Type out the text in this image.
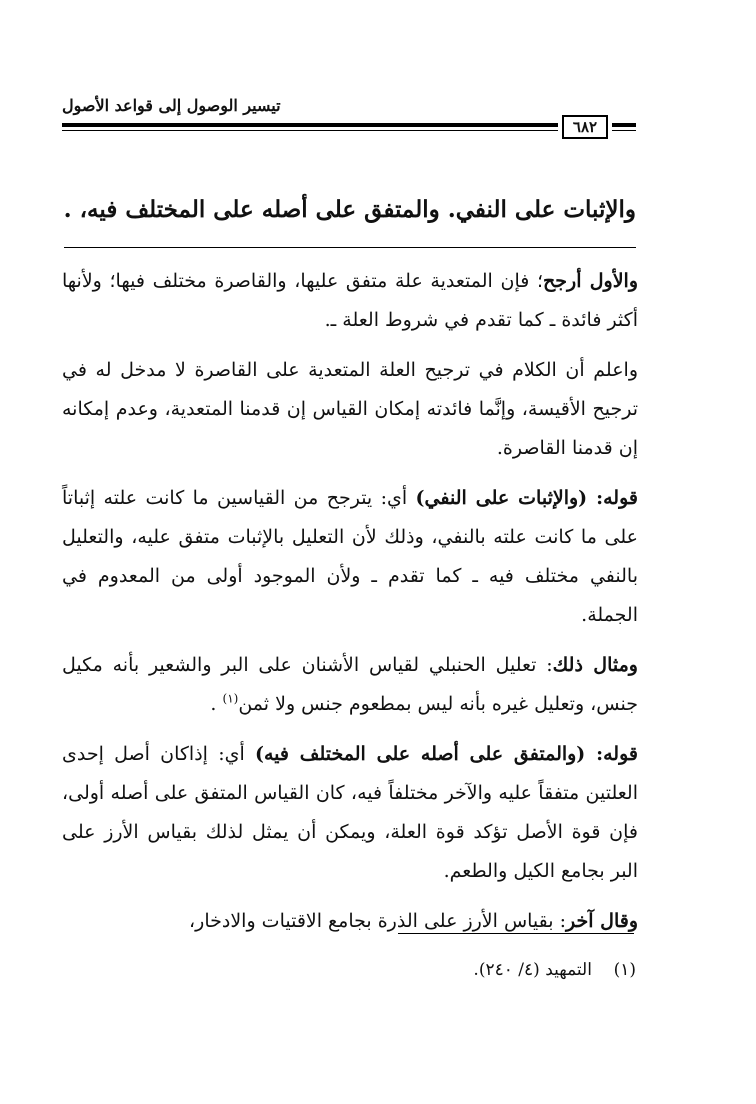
تيسير الوصول إلى قواعد الأصول
٦٨٢
والإثبات على النفي. والمتفق على أصله على المختلف فيه، .

والأول أرجح؛ فإن المتعدية علة متفق عليها، والقاصرة مختلف فيها؛ ولأنها أكثر فائدة ـ كما تقدم في شروط العلة ـ.

واعلم أن الكلام في ترجيح العلة المتعدية على القاصرة لا مدخل له في ترجيح الأقيسة، وإنَّما فائدته إمكان القياس إن قدمنا المتعدية، وعدم إمكانه إن قدمنا القاصرة.

قوله: (والإثبات على النفي) أي: يترجح من القياسين ما كانت علته إثباتاً على ما كانت علته بالنفي، وذلك لأن التعليل بالإثبات متفق عليه، والتعليل بالنفي مختلف فيه ـ كما تقدم ـ ولأن الموجود أولى من المعدوم في الجملة.

ومثال ذلك: تعليل الحنبلي لقياس الأشنان على البر والشعير بأنه مكيل جنس، وتعليل غيره بأنه ليس بمطعوم جنس ولا ثمن$^{(١)}$ .

قوله: (والمتفق على أصله على المختلف فيه) أي: إذاكان أصل إحدى العلتين متفقاً عليه والآخر مختلفاً فيه، كان القياس المتفق على أصله أولى، فإن قوة الأصل تؤكد قوة العلة، ويمكن أن يمثل لذلك بقياس الأرز على البر بجامع الكيل والطعم.

وقال آخر: بقياس الأرز على الذرة بجامع الاقتيات والادخار،

(١)    التمهيد (٤/ ٢٤٠).
